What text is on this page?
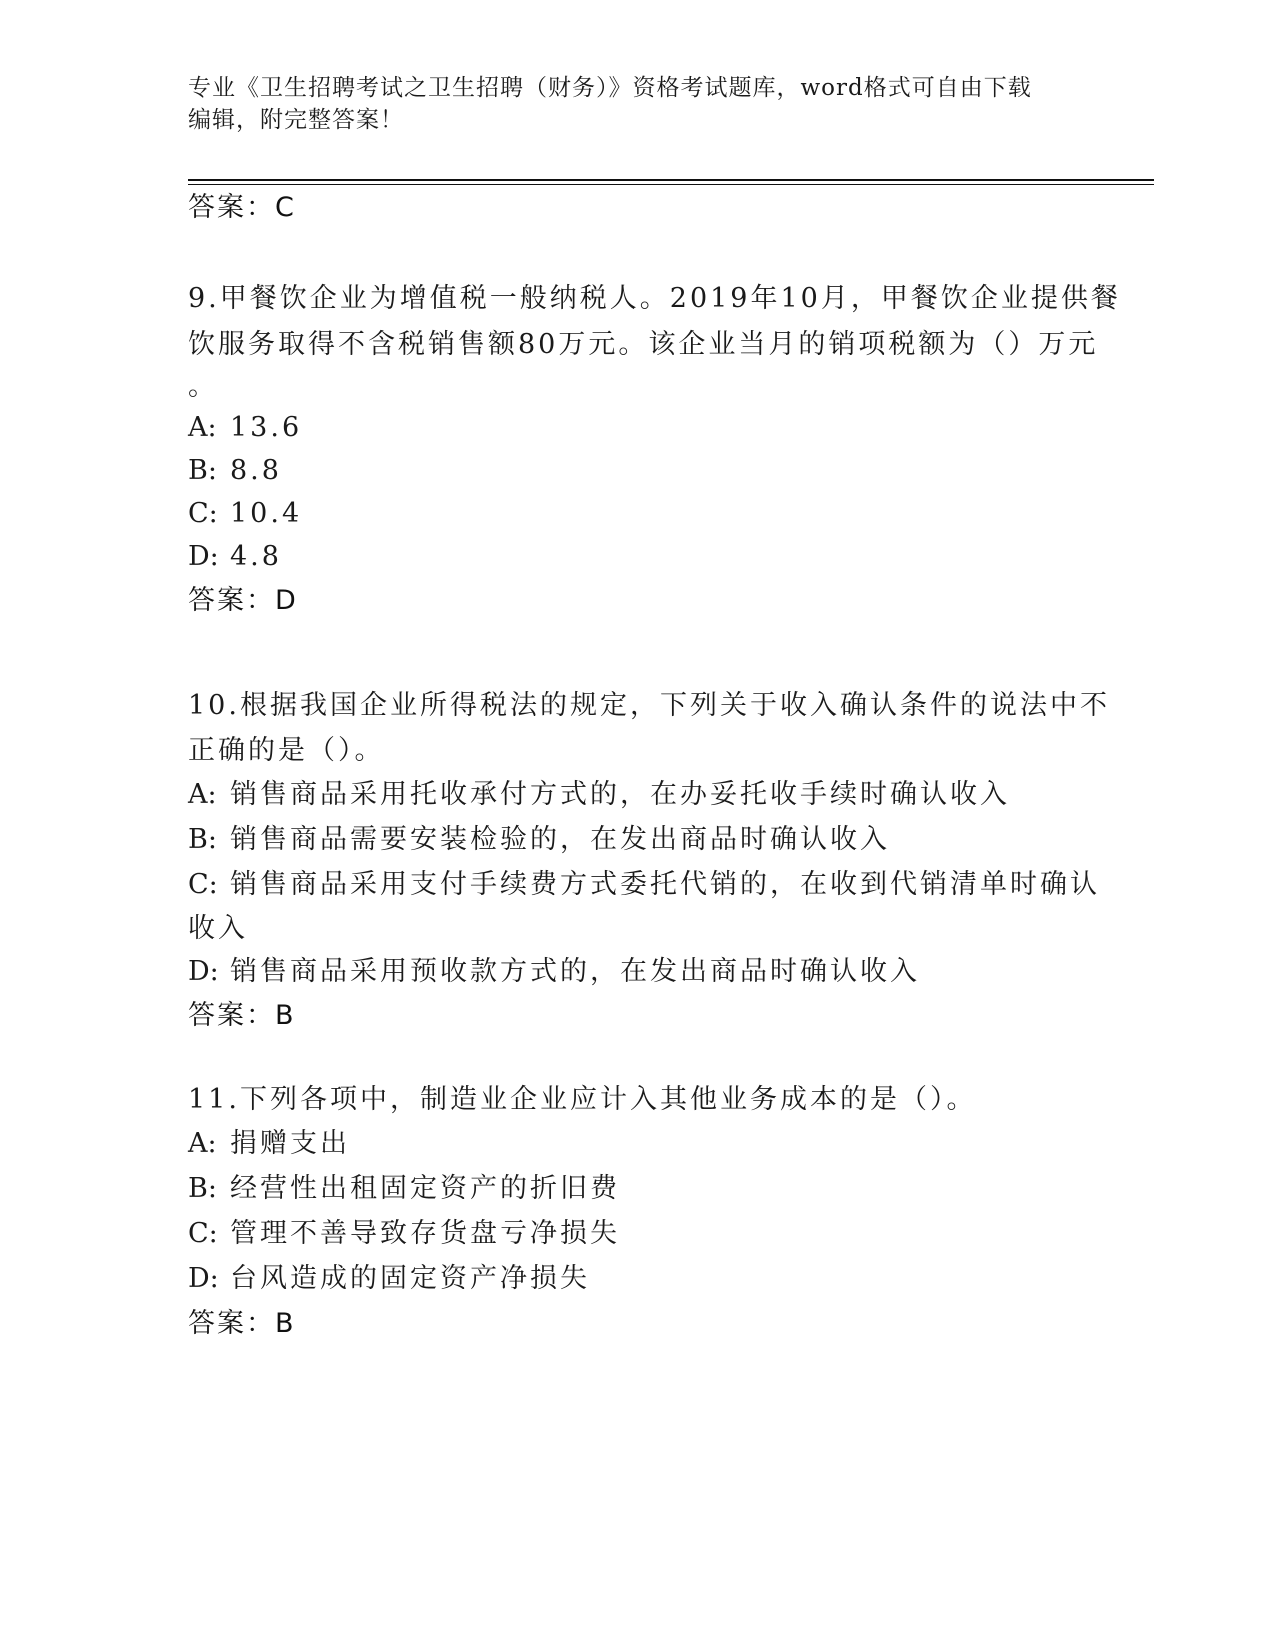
专业《卫生招聘考试之卫生招聘（财务）》资格考试题库，word格式可自由下载
编辑，附完整答案！
答案：C
9.甲餐饮企业为增值税一般纳税人。2019年10月，甲餐饮企业提供餐
饮服务取得不含税销售额80万元。该企业当月的销项税额为（）万元
。
A: 13.6
B: 8.8
C: 10.4
D: 4.8
答案：D
10.根据我国企业所得税法的规定，下列关于收入确认条件的说法中不
正确的是（）。
A: 销售商品采用托收承付方式的，在办妥托收手续时确认收入
B: 销售商品需要安装检验的，在发出商品时确认收入
C: 销售商品采用支付手续费方式委托代销的，在收到代销清单时确认
收入
D: 销售商品采用预收款方式的，在发出商品时确认收入
答案：B
11.下列各项中，制造业企业应计入其他业务成本的是（）。
A: 捐赠支出
B: 经营性出租固定资产的折旧费
C: 管理不善导致存货盘亏净损失
D: 台风造成的固定资产净损失
答案：B
